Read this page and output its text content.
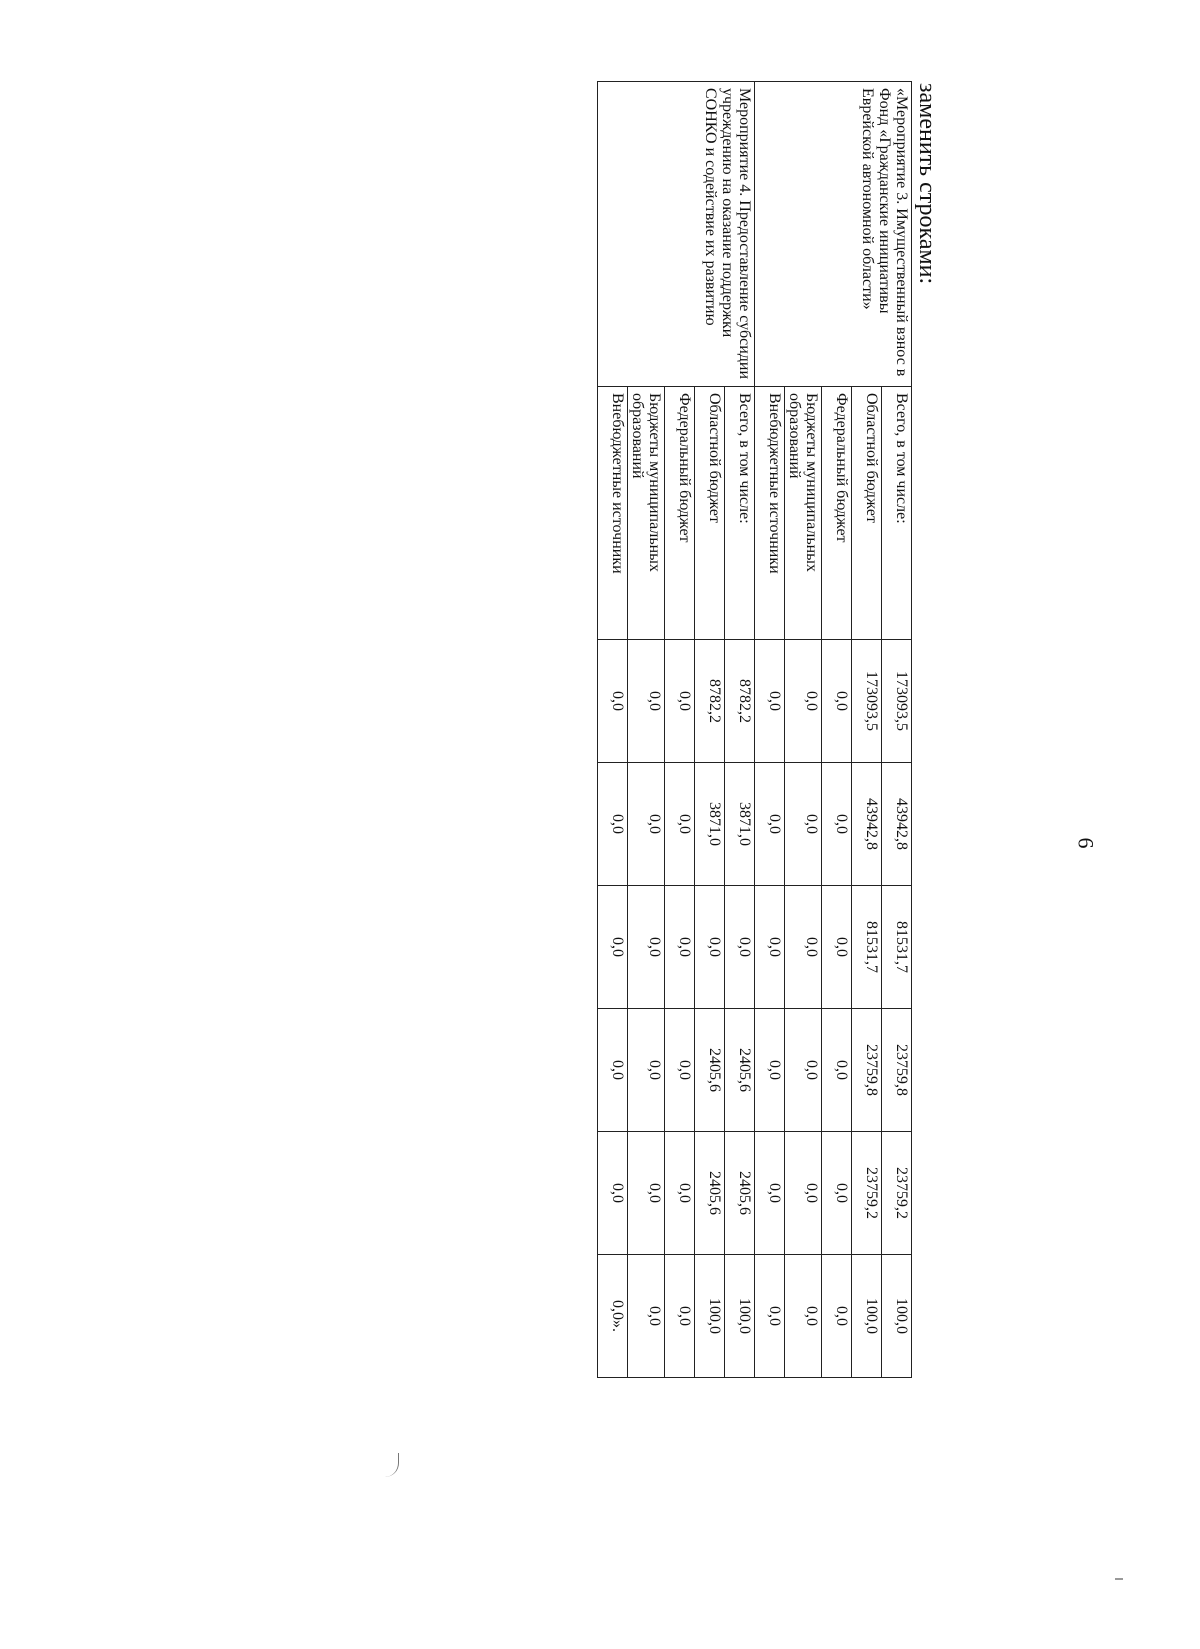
6
заменить строками:
«Мероприятие 3. Имущественный взнос в Фонд «Гражданские инициативы Еврейской автономной области»	Всего, в том числе:	173093,5	43942,8	81531,7	23759,8	23759,2	100,0
	Областной бюджет	173093,5	43942,8	81531,7	23759,8	23759,2	100,0
	Федеральный бюджет	0,0	0,0	0,0	0,0	0,0	0,0
	Бюджеты муниципальных образований	0,0	0,0	0,0	0,0	0,0	0,0
	Внебюджетные источники	0,0	0,0	0,0	0,0	0,0	0,0
Мероприятие 4. Предоставление субсидии учреждению на оказание поддержки СОНКО и содействие их развитию	Всего, в том числе:	8782,2	3871,0	0,0	2405,6	2405,6	100,0
	Областной бюджет	8782,2	3871,0	0,0	2405,6	2405,6	100,0
	Федеральный бюджет	0,0	0,0	0,0	0,0	0,0	0,0
	Бюджеты муниципальных образований	0,0	0,0	0,0	0,0	0,0	0,0
	Внебюджетные источники	0,0	0,0	0,0	0,0	0,0	0,0».
